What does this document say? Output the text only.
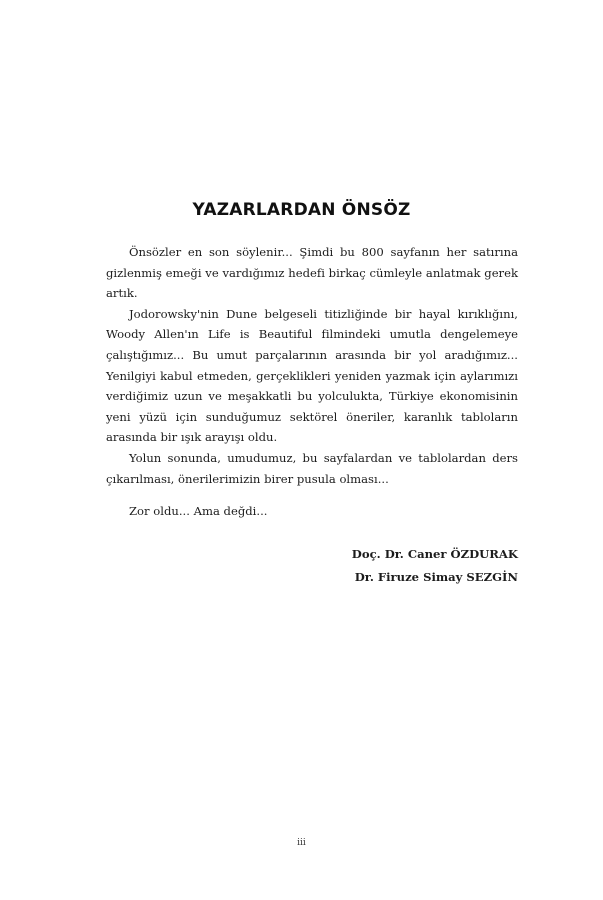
YAZARLARDAN ÖNSÖZ

Önsözler en son söylenir... Şimdi bu 800 sayfanın her satırına gizlenmiş emeği ve vardığımız hedefi birkaç cümleyle anlatmak gerek artık.

Jodorowsky'nin Dune belgeseli titizliğinde bir hayal kırıklığını, Woody Allen'ın Life is Beautiful filmindeki umutla dengelemeye çalıştığımız... Bu umut parçalarının arasında bir yol aradığımız... Yenilgiyi kabul etmeden, gerçeklikleri yeniden yazmak için aylarımızı verdiğimiz uzun ve meşakkatli bu yolculukta, Türkiye ekonomisinin yeni yüzü için sunduğumuz sektörel öneriler, karanlık tabloların arasında bir ışık arayışı oldu.

Yolun sonunda, umudumuz, bu sayfalardan ve tablolardan ders çıkarılması, önerilerimizin birer pusula olması...

Zor oldu... Ama değdi...

Doç. Dr. Caner ÖZDURAK
Dr. Firuze Simay SEZGİN
iii
